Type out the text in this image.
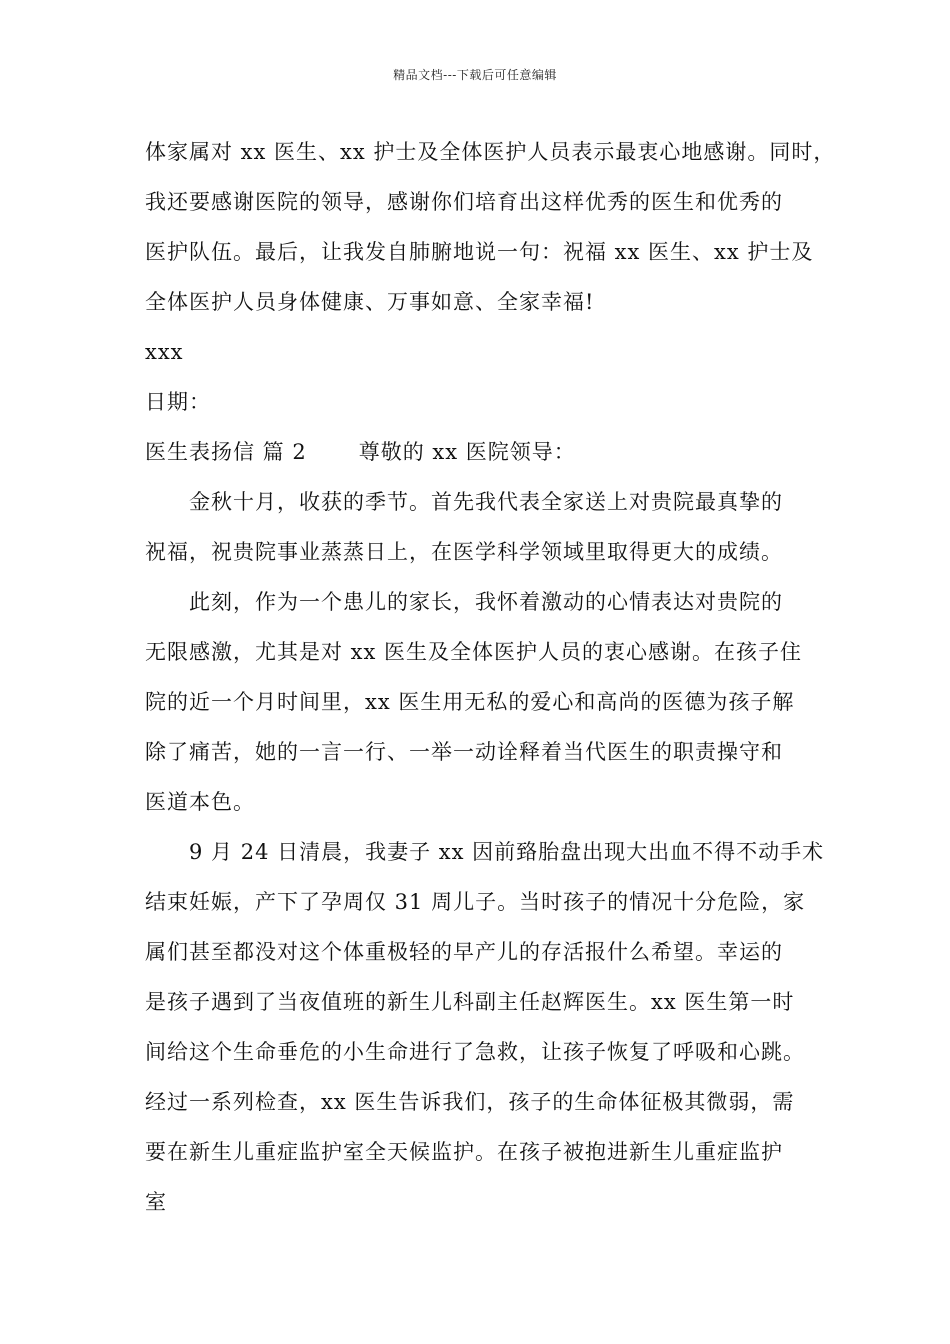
精品文档---下载后可任意编辑
体家属对 xx 医生、xx 护士及全体医护人员表示最衷心地感谢。同时，
我还要感谢医院的领导，感谢你们培育出这样优秀的医生和优秀的
医护队伍。最后，让我发自肺腑地说一句：祝福 xx 医生、xx 护士及
全体医护人员身体健康、万事如意、全家幸福!
xxx
日期：
医生表扬信 篇 2 尊敬的 xx 医院领导：
金秋十月，收获的季节。首先我代表全家送上对贵院最真挚的
祝福，祝贵院事业蒸蒸日上，在医学科学领域里取得更大的成绩。
此刻，作为一个患儿的家长，我怀着激动的心情表达对贵院的
无限感激，尤其是对 xx 医生及全体医护人员的衷心感谢。在孩子住
院的近一个月时间里，xx 医生用无私的爱心和高尚的医德为孩子解
除了痛苦，她的一言一行、一举一动诠释着当代医生的职责操守和
医道本色。
9 月 24 日清晨，我妻子 xx 因前臵胎盘出现大出血不得不动手术
结束妊娠，产下了孕周仅 31 周儿子。当时孩子的情况十分危险，家
属们甚至都没对这个体重极轻的早产儿的存活报什么希望。幸运的
是孩子遇到了当夜值班的新生儿科副主任赵辉医生。xx 医生第一时
间给这个生命垂危的小生命进行了急救，让孩子恢复了呼吸和心跳。
经过一系列检查，xx 医生告诉我们，孩子的生命体征极其微弱，需
要在新生儿重症监护室全天候监护。在孩子被抱进新生儿重症监护
室
